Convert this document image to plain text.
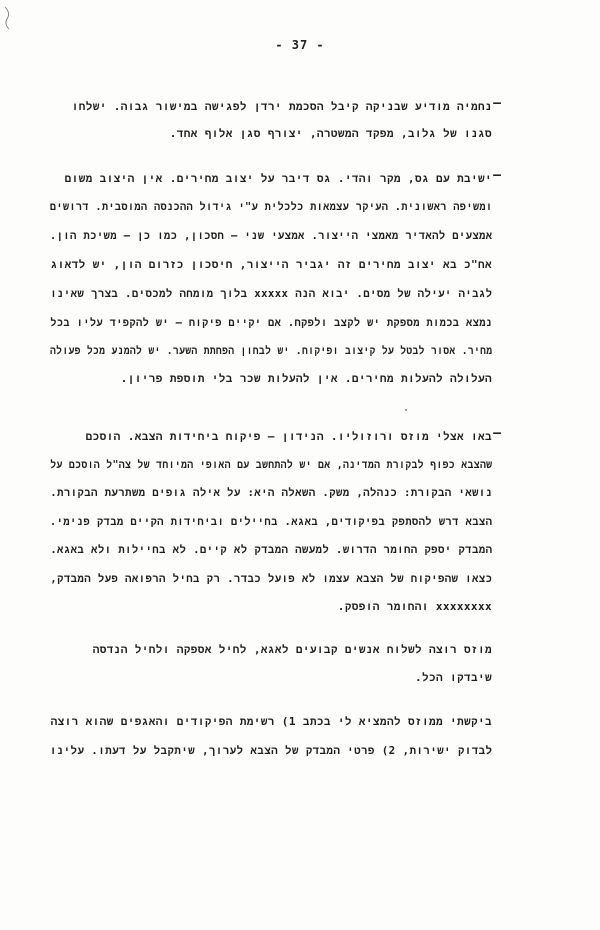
- 37 -
–
נחמיה מודיע שבניקה קיבל הסכמת ירדן לפגישה במישור גבוה. ישלחו
סגנו של גלוב, מפקד המשטרה, יצורף סגן אלוף אחד.
–
ישיבת עם גס, מקר והדי. גס דיבר על יצוב מחירים. אין היצוב משום
ומשיפה ראשונית. העיקר עצמאות כלכלית ע"י גידול ההכנסה המוסבית. דרושים
אמצעים להאדיר מאמצי הייצור. אמצעי שני – חסכון, כמו כן – משיכת הון.
אח"כ בא יצוב מחירים זה יגביר הייצור, חיסכון כזרום הון, יש לדאוג
לגביה יעילה של מסים. יבוא הנה xxxxx בלוך מומחה למכסים. בצרך שאינו
נמצא בכמות מספקת יש לקצב ולפקח. אם יקיים פיקוח – יש להקפיד עליו בכל
מחיר. אסור לבטל על קיצוב ופיקוח. יש לבחון הפחתת השער. יש להמנע מכל פעולה
העלולה להעלות מחירים. אין להעלות שכר בלי תוספת פריון.
–
באו אצלי מוזס ורוזוליו. הנידון – פיקוח ביחידות הצבא. הוסכם
שהצבא כפוף לבקורת המדינה, אם יש להתחשב עם האופי המיוחד של צה"ל הוסכם על
נושאי הבקורת: כנהלה, משק. השאלה היא: על אילה גופים משתרעת הבקורת.
הצבא דרש להסתפק בפיקודים, באגא. בחיילים וביחידות הקיים מבדק פנימי.
המבדק יספק החומר הדרוש. למעשה המבדק לא קיים. לא בחיילות ולא באגא.
כצאו שהפיקוח של הצבא עצמו לא פועל כבדר. רק בחיל הרפואה פעל המבדק,
xxxxxxxx והחומר הופסק.
מוזס רוצה לשלוח אנשים קבועים לאגא, לחיל אספקה ולחיל הנדסה
שיבדקו הכל.
ביקשתי ממוזס להמציא לי בכתב 1) רשימת הפיקודים והאגפים שהוא רוצה
לבדוק ישירות, 2) פרטי המבדק של הצבא לערוך, שיתקבל על דעתו. עלינו
